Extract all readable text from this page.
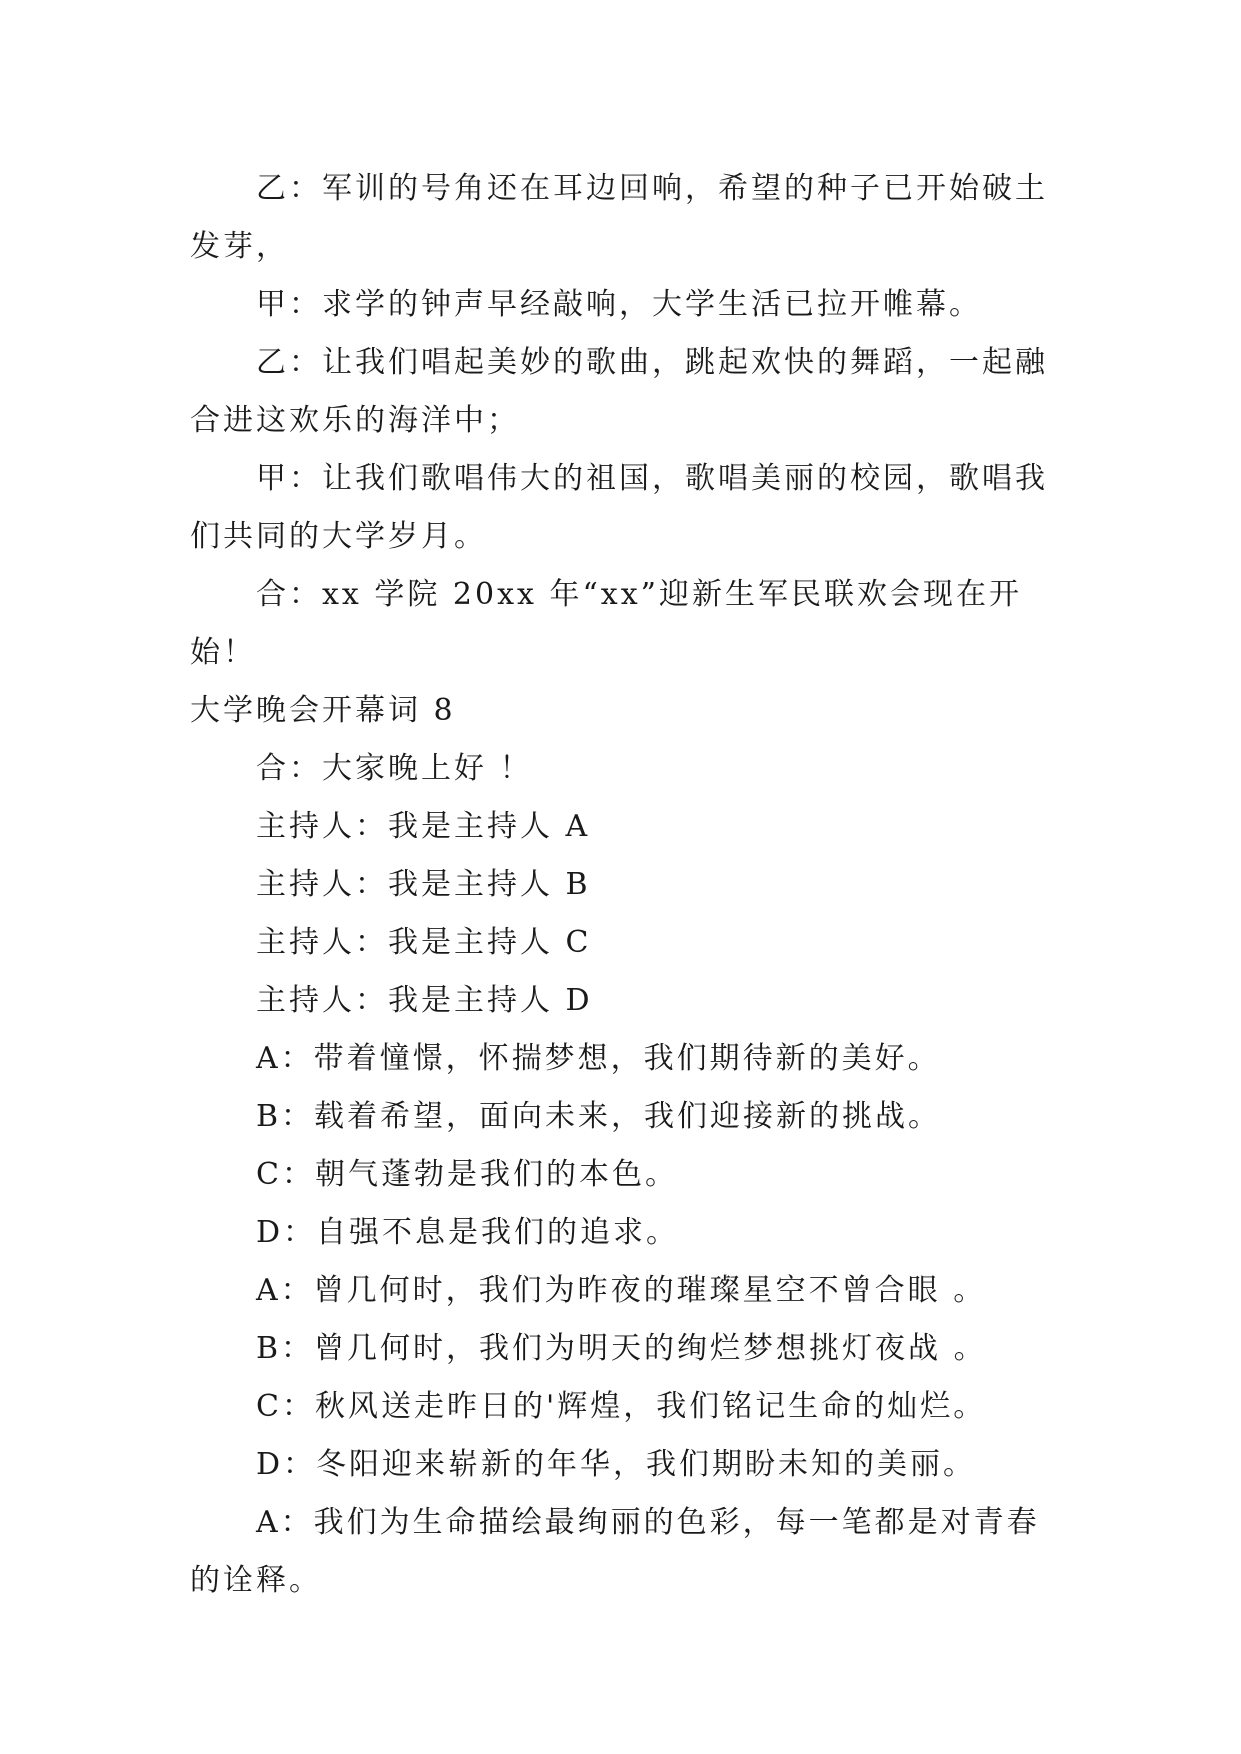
乙：军训的号角还在耳边回响，希望的种子已开始破土发芽，

甲：求学的钟声早经敲响，大学生活已拉开帷幕。

乙：让我们唱起美妙的歌曲，跳起欢快的舞蹈，一起融合进这欢乐的海洋中；

甲：让我们歌唱伟大的祖国，歌唱美丽的校园，歌唱我们共同的大学岁月。

合：xx 学院 20xx 年“xx”迎新生军民联欢会现在开始！

大学晚会开幕词 8

合：大家晚上好 ！

主持人：我是主持人 A

主持人：我是主持人 B

主持人：我是主持人 C

主持人：我是主持人 D

A：带着憧憬，怀揣梦想，我们期待新的美好。

B：载着希望，面向未来，我们迎接新的挑战。

C：朝气蓬勃是我们的本色。

D：自强不息是我们的追求。

A：曾几何时，我们为昨夜的璀璨星空不曾合眼 。

B：曾几何时，我们为明天的绚烂梦想挑灯夜战 。

C：秋风送走昨日的'辉煌，我们铭记生命的灿烂。

D：冬阳迎来崭新的年华，我们期盼未知的美丽。

A：我们为生命描绘最绚丽的色彩，每一笔都是对青春的诠释。
